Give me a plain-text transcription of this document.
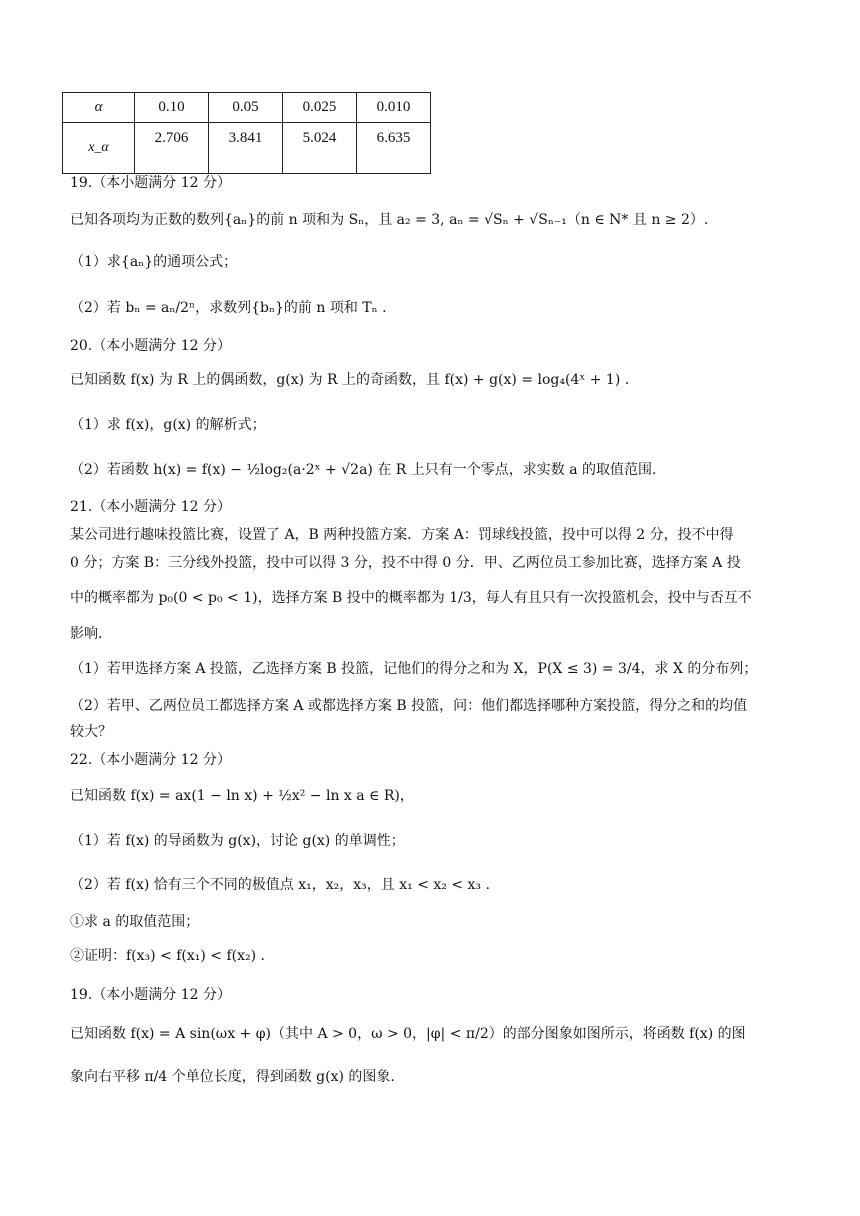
α	0.10	0.05	0.025	0.010
x_α	2.706	3.841	5.024	6.635
19.（本小题满分 12 分）
已知各项均为正数的数列{aₙ}的前 n 项和为 Sₙ，且 a₂ = 3, aₙ = √Sₙ + √Sₙ₋₁（n ∈ N* 且 n ≥ 2）.
（1）求{aₙ}的通项公式；
（2）若 bₙ = aₙ/2ⁿ，求数列{bₙ}的前 n 项和 Tₙ .
20.（本小题满分 12 分）
已知函数 f(x) 为 R 上的偶函数，g(x) 为 R 上的奇函数，且 f(x) + g(x) = log₄(4ˣ + 1) .
（1）求 f(x)，g(x) 的解析式；
（2）若函数 h(x) = f(x) − ½log₂(a·2ˣ + √2a) 在 R 上只有一个零点，求实数 a 的取值范围.
21.（本小题满分 12 分）
某公司进行趣味投篮比赛，设置了 A，B 两种投篮方案．方案 A：罚球线投篮，投中可以得 2 分，投不中得
0 分；方案 B：三分线外投篮，投中可以得 3 分，投不中得 0 分．甲、乙两位员工参加比赛，选择方案 A 投
中的概率都为 p₀(0 < p₀ < 1)，选择方案 B 投中的概率都为 1/3，每人有且只有一次投篮机会，投中与否互不
影响.
（1）若甲选择方案 A 投篮，乙选择方案 B 投篮，记他们的得分之和为 X，P(X ≤ 3) = 3/4，求 X 的分布列；
（2）若甲、乙两位员工都选择方案 A 或都选择方案 B 投篮，问：他们都选择哪种方案投篮，得分之和的均值
较大？
22.（本小题满分 12 分）
已知函数 f(x) = ax(1 − ln x) + ½x² − ln x a ∈ R)，
（1）若 f(x) 的导函数为 g(x)，讨论 g(x) 的单调性；
（2）若 f(x) 恰有三个不同的极值点 x₁，x₂，x₃，且 x₁ < x₂ < x₃ .
①求 a 的取值范围；
②证明：f(x₃) < f(x₁) < f(x₂) .
19.（本小题满分 12 分）
已知函数 f(x) = A sin(ωx + φ)（其中 A > 0，ω > 0，|φ| < π/2）的部分图象如图所示，将函数 f(x) 的图
象向右平移 π/4 个单位长度，得到函数 g(x) 的图象.
